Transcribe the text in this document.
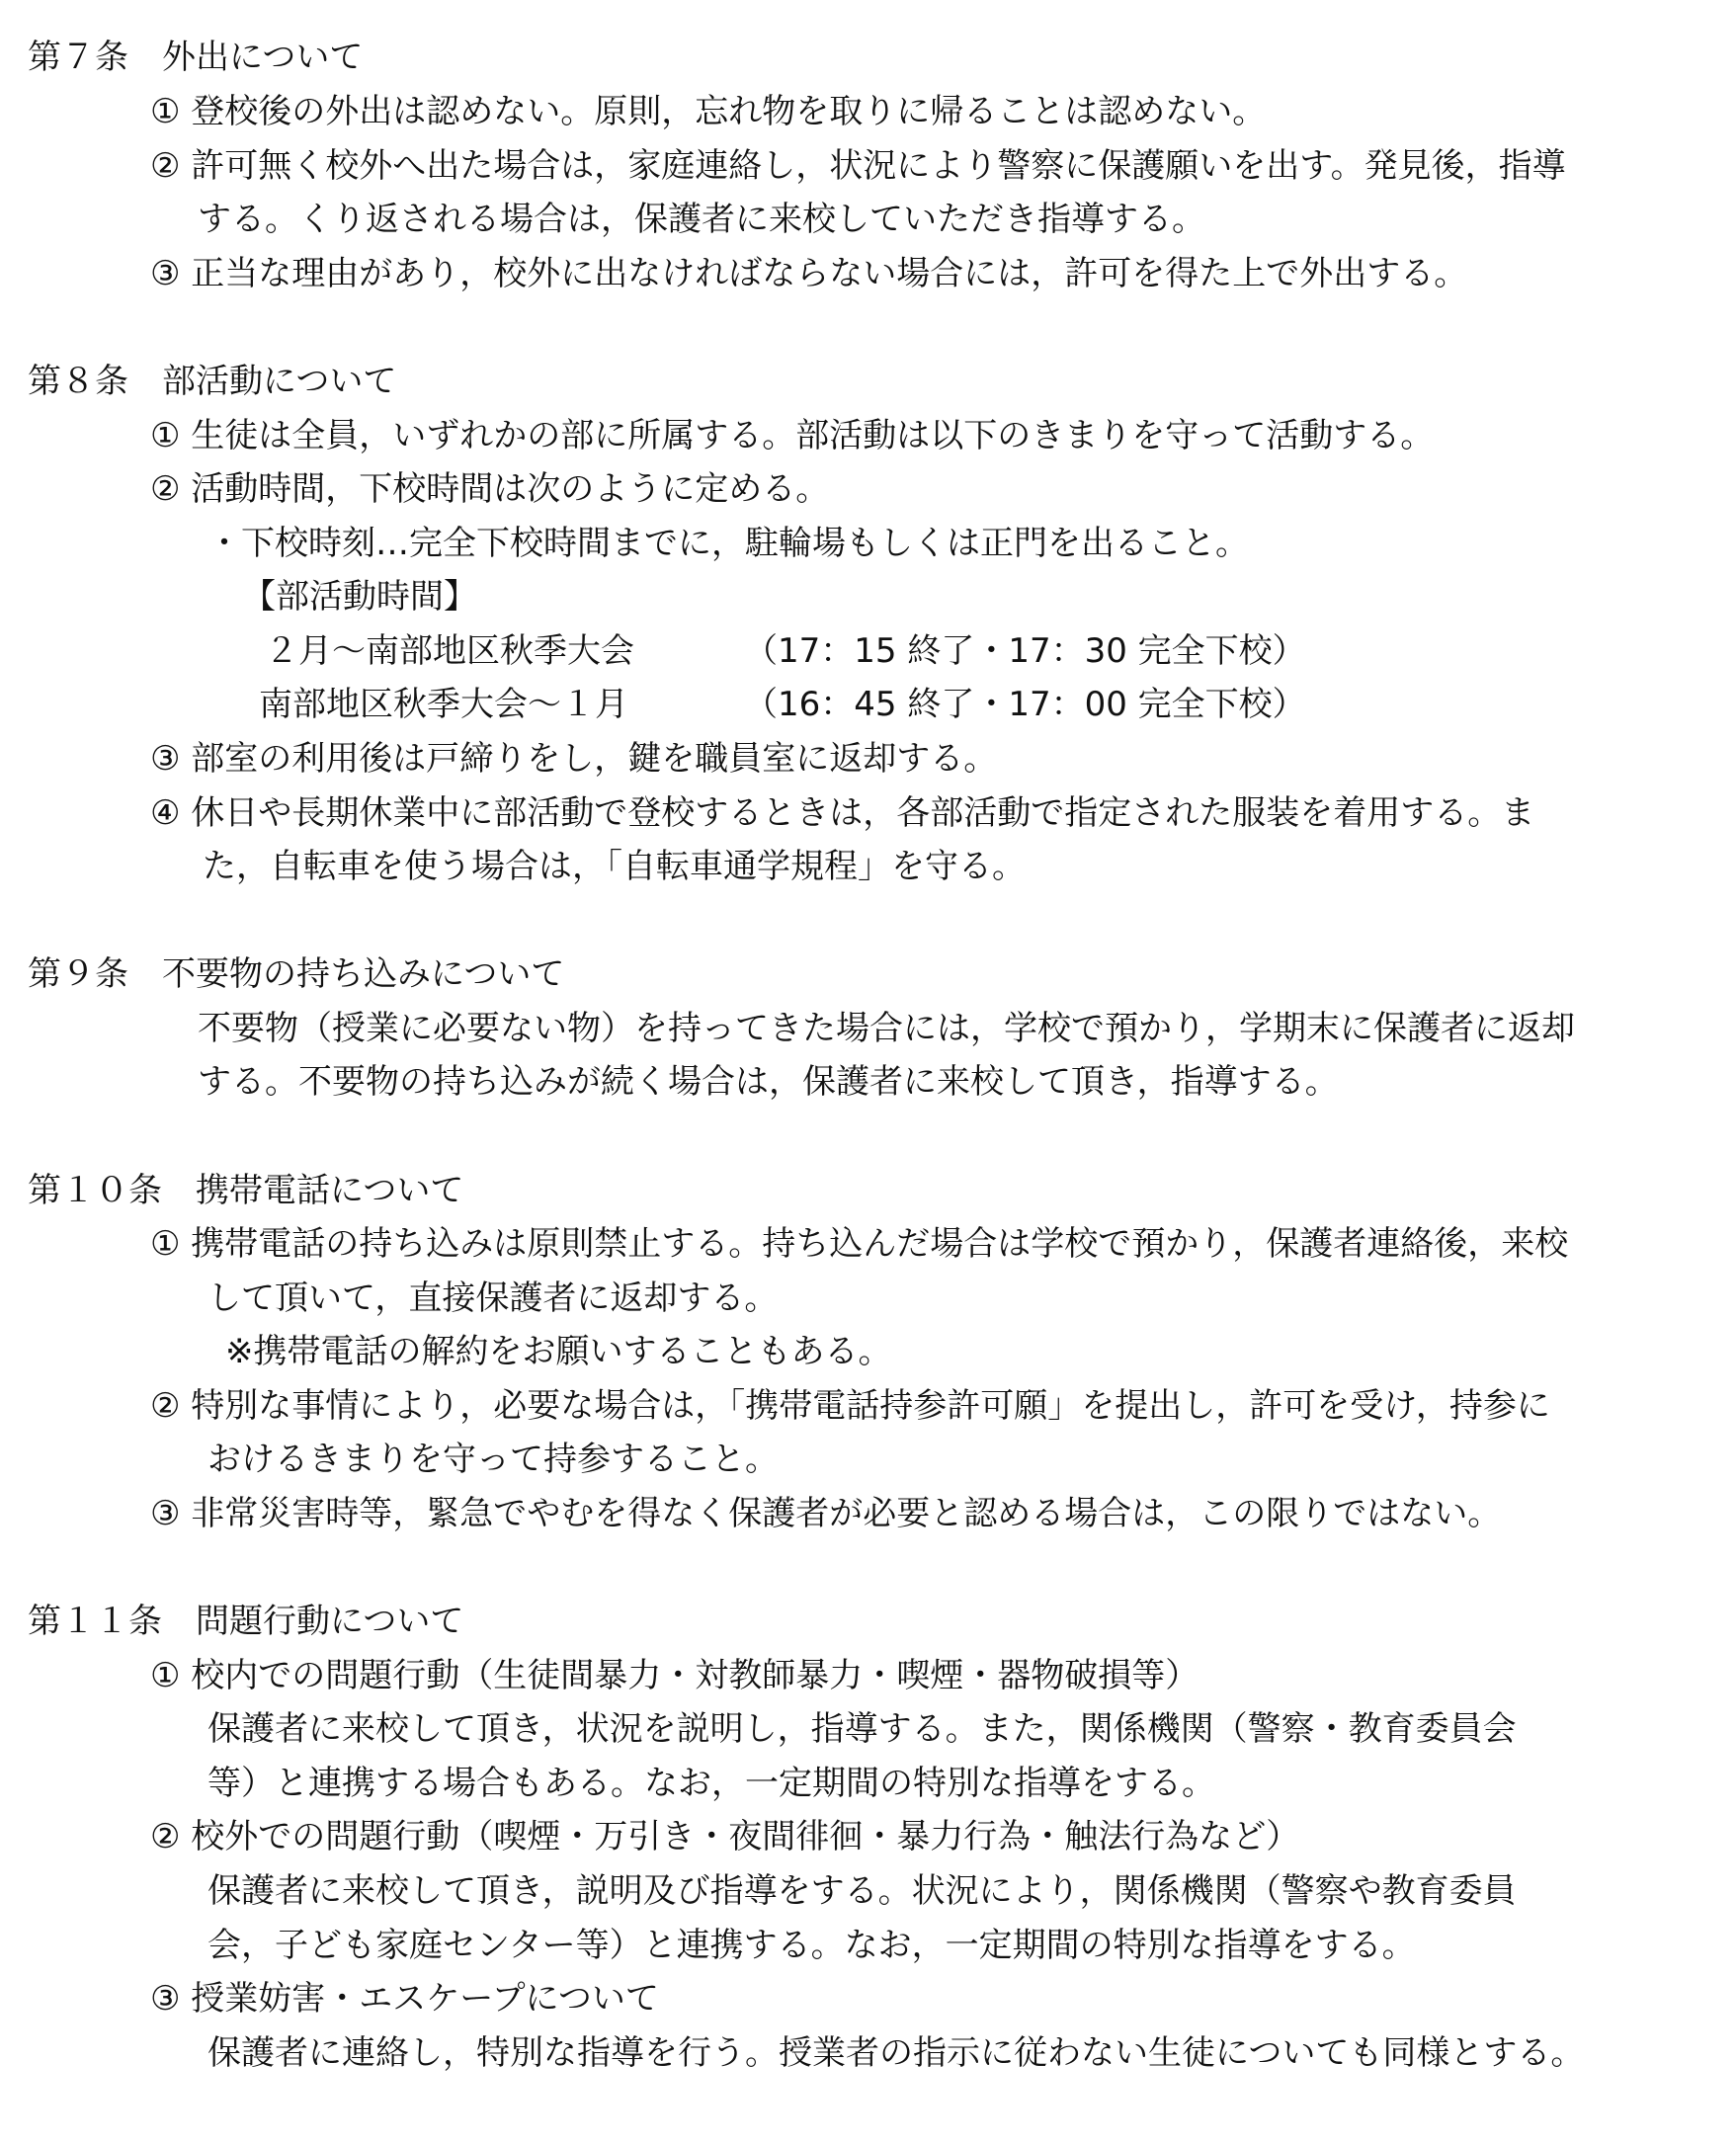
第７条　外出について

① 登校後の外出は認めない。原則，忘れ物を取りに帰ることは認めない。

② 許可無く校外へ出た場合は，家庭連絡し，状況により警察に保護願いを出す。発見後，指導

する。くり返される場合は，保護者に来校していただき指導する。

③ 正当な理由があり，校外に出なければならない場合には，許可を得た上で外出する。

第８条　部活動について

① 生徒は全員，いずれかの部に所属する。部活動は以下のきまりを守って活動する。

② 活動時間，下校時間は次のように定める。

・下校時刻…完全下校時間までに，駐輪場もしくは正門を出ること。

【部活動時間】

２月～南部地区秋季大会	（17：15 終了・17：30 完全下校）

南部地区秋季大会～１月	（16：45 終了・17：00 完全下校）

③ 部室の利用後は戸締りをし，鍵を職員室に返却する。

④ 休日や長期休業中に部活動で登校するときは，各部活動で指定された服装を着用する。ま

た，自転車を使う場合は，「自転車通学規程」を守る。

第９条　不要物の持ち込みについて

不要物（授業に必要ない物）を持ってきた場合には，学校で預かり，学期末に保護者に返却

する。不要物の持ち込みが続く場合は，保護者に来校して頂き，指導する。

第１０条　携帯電話について

① 携帯電話の持ち込みは原則禁止する。持ち込んだ場合は学校で預かり，保護者連絡後，来校

して頂いて，直接保護者に返却する。

※携帯電話の解約をお願いすることもある。

② 特別な事情により，必要な場合は，「携帯電話持参許可願」を提出し，許可を受け，持参に

おけるきまりを守って持参すること。

③ 非常災害時等，緊急でやむを得なく保護者が必要と認める場合は，この限りではない。

第１１条　問題行動について

① 校内での問題行動（生徒間暴力・対教師暴力・喫煙・器物破損等）

保護者に来校して頂き，状況を説明し，指導する。また，関係機関（警察・教育委員会

等）と連携する場合もある。なお，一定期間の特別な指導をする。

② 校外での問題行動（喫煙・万引き・夜間徘徊・暴力行為・触法行為など）

保護者に来校して頂き，説明及び指導をする。状況により，関係機関（警察や教育委員

会，子ども家庭センター等）と連携する。なお，一定期間の特別な指導をする。

③ 授業妨害・エスケープについて

保護者に連絡し，特別な指導を行う。授業者の指示に従わない生徒についても同様とする。
